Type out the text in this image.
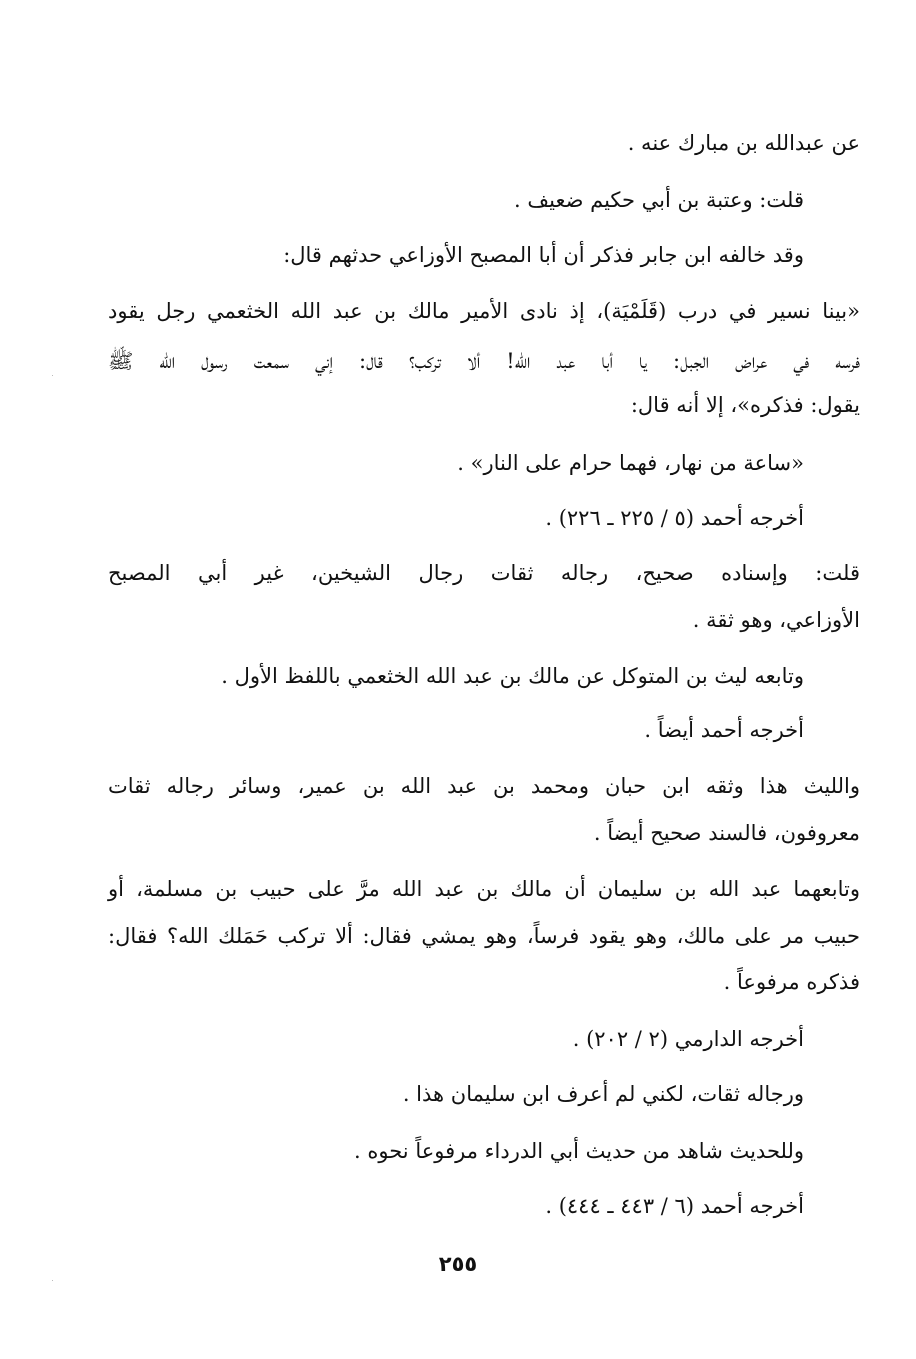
عن عبدالله بن مبارك عنه .

قلت: وعتبة بن أبي حكيم ضعيف .

وقد خالفه ابن جابر فذكر أن أبا المصبح الأوزاعي حدثهم قال:

«بينا نسير في درب (قَلَمْيَة)، إذ نادى الأمير مالك بن عبد الله الخثعمي رجل يقود

فرسه في عراض الجبل: يا أبا عبد الله! ألا تركب؟ قال: إني سمعت رسول الله ﷺ

يقول: فذكره»، إلا أنه قال:

«ساعة من نهار، فهما حرام على النار» .

أخرجه أحمد (٥ / ٢٢٥ ـ ٢٢٦) .

قلت: وإسناده صحيح، رجاله ثقات رجال الشيخين، غير أبي المصبح

الأوزاعي، وهو ثقة .

وتابعه ليث بن المتوكل عن مالك بن عبد الله الخثعمي باللفظ الأول .

أخرجه أحمد أيضاً .

والليث هذا وثقه ابن حبان ومحمد بن عبد الله بن عمير، وسائر رجاله ثقات

معروفون، فالسند صحيح أيضاً .

وتابعهما عبد الله بن سليمان أن مالك بن عبد الله مرَّ على حبيب بن مسلمة، أو

حبيب مر على مالك، وهو يقود فرساً، وهو يمشي فقال: ألا تركب حَمَلك الله؟ فقال:

فذكره مرفوعاً .

أخرجه الدارمي (٢ / ٢٠٢) .

ورجاله ثقات، لكني لم أعرف ابن سليمان هذا .

وللحديث شاهد من حديث أبي الدرداء مرفوعاً نحوه .

أخرجه أحمد (٦ / ٤٤٣ ـ ٤٤٤) .

٢٥٥
